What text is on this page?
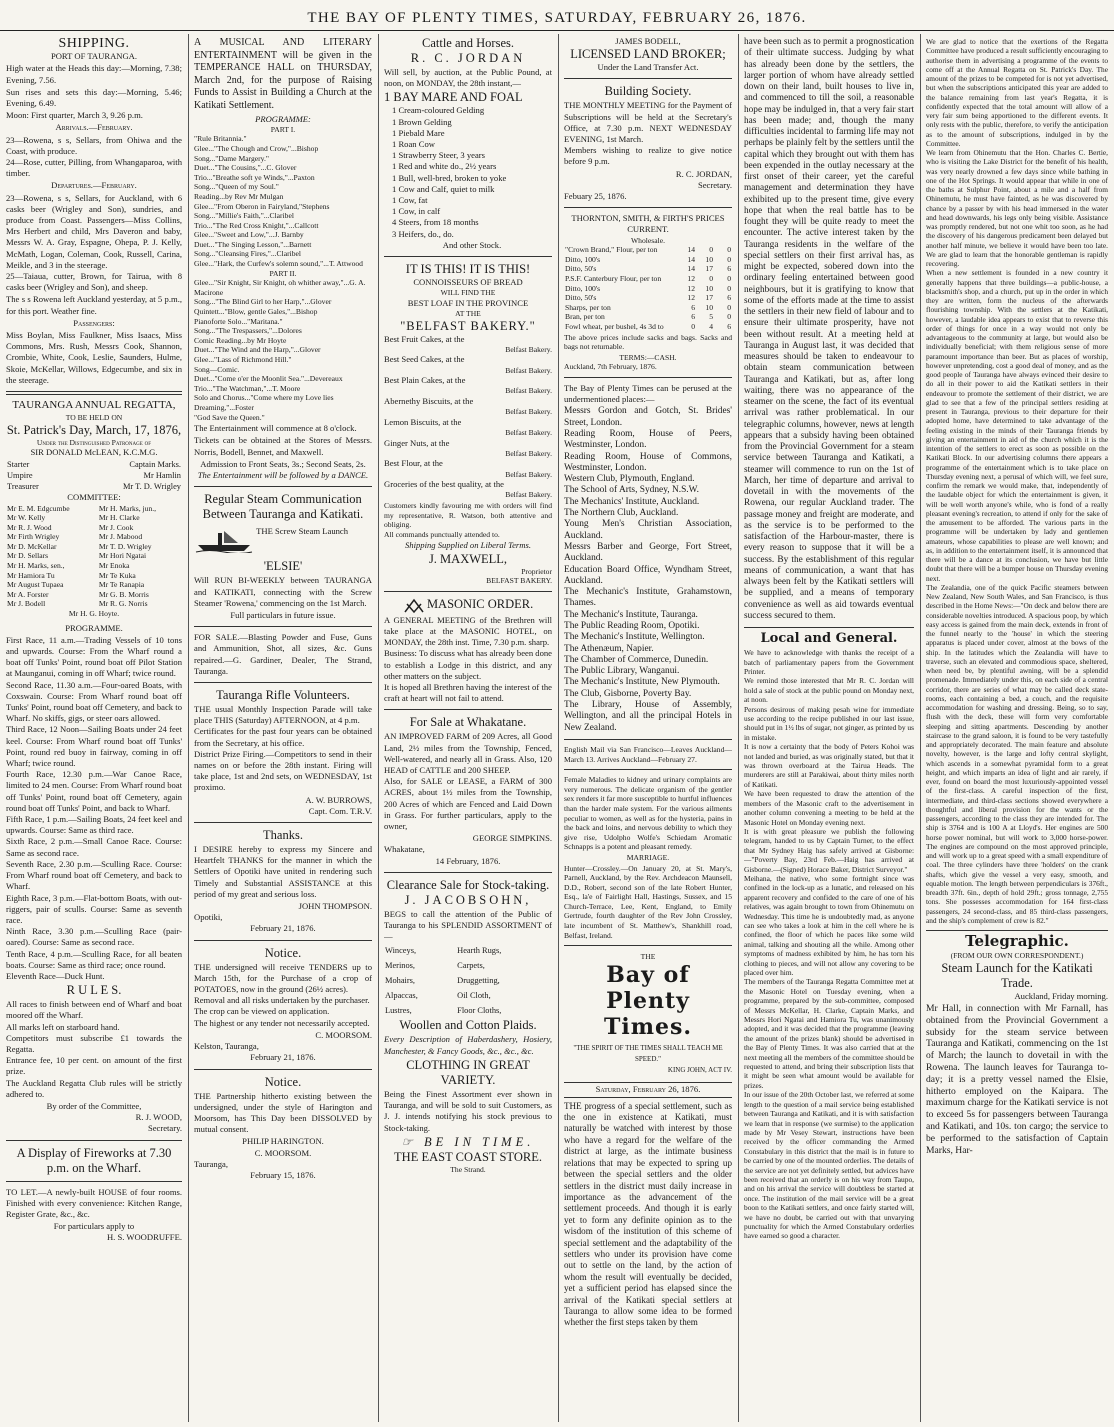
THE BAY OF PLENTY TIMES, SATURDAY, FEBRUARY 26, 1876.
SHIPPING.
PORT OF TAURANGA.

High water at the Heads this day:—Morning, 7.38; Evening, 7.56.

Sun rises and sets this day:—Morning, 5.46; Evening, 6.49.

Moon: First quarter, March 3, 9.26 p.m.

Arrivals.—February.

23—Rowena, s s, Sellars, from Ohiwa and the Coast, with produce.
24—Rose, cutter, Pilling, from Whangaparoa, with timber.

Departures.—February.

23—Rowena, s s, Sellars, for Auckland, with 6 casks beer (Wrigley and Son), sundries, and produce from Coast. Passengers—Miss Collins, Mrs Herbert and child, Mrs Daveron and baby, Messrs W. A. Gray, Espagne, Ohepa, P. J. Kelly, McMath, Logan, Coleman, Cook, Russell, Carina, Meikle, and 3 in the steerage.
25—Taiaua, cutter, Brown, for Tairua, with 8 casks beer (Wrigley and Son), and sheep.

The s s Rowena left Auckland yesterday, at 5 p.m., for this port. Weather fine.

Passengers:

Miss Boylan, Miss Faulkner, Miss Isaacs, Miss Commons, Mrs. Rush, Messrs Cook, Shannon, Crombie, White, Cook, Leslie, Saunders, Hulme, Skoie, McKellar, Willows, Edgecumbe, and six in the steerage.

TAURANGA ANNUAL REGATTA,
TO BE HELD ON
St. Patrick's Day, March, 17, 1876,
Under the Distinguished Patronage of
SIR DONALD McLEAN, K.C.M.G.
Starter	Captain Marks.
Umpire	Mr Hamlin
Treasurer	Mr T. D. Wrigley
COMMITTEE:
Mr E. M. Edgcumbe	Mr H. Marks, jun.,
Mr W. Kelly	Mr H. Clarke
Mr R. J. Wood	Mr J. Cook
Mr Firth Wrigley	Mr J. Mabood
Mr D. McKellar	Mr T. D. Wrigley
Mr D. Sellars	Mr Hori Ngatai
Mr H. Marks, sen.,	Mr Enoka
Mr Hamiora Tu	Mr Te Kuka
Mr August Tupaea	Mr Te Ranapia
Mr A. Forster	Mr G. B. Morris
Mr J. Bodell	Mr R. G. Norris
Mr H. G. Hoyte.
PROGRAMME.

First Race, 11 a.m.—Trading Vessels of 10 tons and upwards. Course: From the Wharf round a boat off Tunks' Point, round boat off Pilot Station at Maunganui, coming in off Wharf; twice round.
Second Race, 11.30 a.m.—Four-oared Boats, with Coxswain. Course: From Wharf round boat off Tunks' Point, round boat off Cemetery, and back to Wharf. No skiffs, gigs, or steer oars allowed.
Third Race, 12 Noon—Sailing Boats under 24 feet keel. Course: From Wharf round boat off Tunks' Point, round red buoy in fairway, coming in off Wharf; twice round.
Fourth Race, 12.30 p.m.—War Canoe Race, limited to 24 men. Course: From Wharf round boat off Tunks' Point, round boat off Cemetery, again round boat off Tunks' Point, and back to Wharf.
Fifth Race, 1 p.m.—Sailing Boats, 24 feet keel and upwards. Course: Same as third race.
Sixth Race, 2 p.m.—Small Canoe Race. Course: Same as second race.
Seventh Race, 2.30 p.m.—Sculling Race. Course: From Wharf round boat off Cemetery, and back to Wharf.
Eighth Race, 3 p.m.—Flat-bottom Boats, with out-riggers, pair of sculls. Course: Same as seventh race.
Ninth Race, 3.30 p.m.—Sculling Race (pair-oared). Course: Same as second race.
Tenth Race, 4 p.m.—Sculling Race, for all beaten boats. Course: Same as third race; once round.
Eleventh Race—Duck Hunt.

R U L E S.

All races to finish between end of Wharf and boat moored off the Wharf.
All marks left on starboard hand.
Competitors must subscribe £1 towards the Regatta.
Entrance fee, 10 per cent. on amount of the first prize.
The Auckland Regatta Club rules will be strictly adhered to.

By order of the Committee,
R. J. WOOD,
Secretary.
A Display of Fireworks at 7.30 p.m. on the Wharf.

TO LET.—A newly-built HOUSE of four rooms. Finished with every convenience: Kitchen Range, Register Grate, &c., &c.

For particulars apply to
H. S. WOODRUFFE.

A MUSICAL AND LITERARY ENTERTAINMENT will be given in the TEMPERANCE HALL on THURSDAY, March 2nd, for the purpose of Raising Funds to Assist in Building a Church at the Katikati Settlement.

PROGRAMME:
PART I.
"Rule Britannia."
Glee..."The Chough and Crow,"...Bishop
Song..."Dame Margery."
Duet..."The Cousins,"...C. Glover
Trio..."Breathe soft ye Winds,"...Paxton
Song..."Queen of my Soul."
Reading...by Rev Mr Mulgan
Glee..."From Oberon in Fairyland,"Stephens
Song..."Millie's Faith,"...Claribel
Trio..."The Red Cross Knight,"...Callcott
Glee..."Sweet and Low,"...J. Barnby
Duet..."The Singing Lesson,"...Barnett
Song..."Cleansing Fires,"...Claribel
Glee..."Hark, the Curfew's solemn sound,"...T. Attwood
PART II.
Glee..."Sir Knight, Sir Knight, oh whither away,"...G. A. Macirone
Song..."The Blind Girl to her Harp,"...Glover
Quintett..."Blow, gentle Gales,"...Bishop
Pianoforte Solo..."Maritana."
Song..."The Trespassers,"...Dolores
Comic Reading...by Mr Hoyte
Duet..."The Wind and the Harp,"...Glover
Glee..."Lass of Richmond Hill."
Song—Comic.
Duet..."Come o'er the Moonlit Sea."...Devereaux
Trio..."The Watchman,"...T. Moore
Solo and Chorus..."Come where my Love lies Dreaming,"...Foster
"God Save the Queen."

The Entertainment will commence at 8 o'clock.

Tickets can be obtained at the Stores of Messrs. Norris, Bodell, Bennet, and Maxwell.

Admission to Front Seats, 3s.; Second Seats, 2s.
The Entertainment will be followed by a DANCE.
Regular Steam Communication Between Tauranga and Katikati.
THE Screw Steam Launch
'ELSIE'

Will RUN BI-WEEKLY between TAURANGA and KATIKATI, connecting with the Screw Steamer 'Rowena,' commencing on the 1st March.

Full particulars in future issue.

FOR SALE.—Blasting Powder and Fuse, Guns and Ammunition, Shot, all sizes, &c. Guns repaired.—G. Gardiner, Dealer, The Strand, Tauranga.

Tauranga Rifle Volunteers.

THE usual Monthly Inspection Parade will take place THIS (Saturday) AFTERNOON, at 4 p.m.
Certificates for the past four years can be obtained from the Secretary, at his office.
District Prize Firing.—Competitors to send in their names on or before the 28th instant. Firing will take place, 1st and 2nd sets, on WEDNESDAY, 1st proximo.

A. W. BURROWS,
Capt. Com. T.R.V.
Thanks.

I DESIRE hereby to express my Sincere and Heartfelt THANKS for the manner in which the Settlers of Opotiki have united in rendering such Timely and Substantial ASSISTANCE at this period of my great and serious loss.

JOHN THOMPSON.
Opotiki,
February 21, 1876.
Notice.

THE undersigned will receive TENDERS up to March 15th, for the Purchase of a crop of POTATOES, now in the ground (26½ acres).
Removal and all risks undertaken by the purchaser.
The crop can be viewed on application.
The highest or any tender not necessarily accepted.

C. MOORSOM.
Kelston, Tauranga,
February 21, 1876.
Notice.

THE Partnership hitherto existing between the undersigned, under the style of Harington and Moorsom, has This Day been DISSOLVED by mutual consent.

PHILIP HARINGTON.
C. MOORSOM.
Tauranga,
February 15, 1876.
Cattle and Horses.
R. C. JORDAN

Will sell, by auction, at the Public Pound, at noon, on MONDAY, the 28th instant,—

1 BAY MARE AND FOAL
1 Cream-coloured Gelding
1 Brown Gelding
1 Piebald Mare
1 Roan Cow
1 Strawberry Steer, 3 years
1 Red and white do., 2½ years
1 Bull, well-bred, broken to yoke
1 Cow and Calf, quiet to milk
1 Cow, fat
1 Cow, in calf
4 Steers, from 18 months
3 Heifers, do., do.
And other Stock.
IT IS THIS! IT IS THIS!
CONNOISSEURS OF BREAD
WILL FIND THE
BEST LOAF IN THE PROVINCE
AT THE
"BELFAST BAKERY."
Best Fruit Cakes, at the
Belfast Bakery.
Best Seed Cakes, at the
Belfast Bakery.
Best Plain Cakes, at the
Belfast Bakery.
Abernethy Biscuits, at the
Belfast Bakery.
Lemon Biscuits, at the
Belfast Bakery.
Ginger Nuts, at the
Belfast Bakery.
Best Flour, at the
Belfast Bakery.
Groceries of the best quality, at the
Belfast Bakery.

Customers kindly favouring me with orders will find my representative, R. Watson, both attentive and obliging.
All commands punctually attended to.

Shipping Supplied on Liberal Terms.
J. MAXWELL,
Proprietor
BELFAST BAKERY.
MASONIC ORDER.

A GENERAL MEETING of the Brethren will take place at the MASONIC HOTEL, on MONDAY, the 28th inst. Time, 7.30 p.m. sharp.
Business: To discuss what has already been done to establish a Lodge in this district, and any other matters on the subject.
It is hoped all Brethren having the interest of the craft at heart will not fail to attend.

For Sale at Whakatane.

AN IMPROVED FARM of 209 Acres, all Good Land, 2½ miles from the Township, Fenced, Well-watered, and nearly all in Grass. Also, 120 HEAD of CATTLE and 200 SHEEP.
Also, for SALE or LEASE, a FARM of 300 ACRES, about 1½ miles from the Township, 200 Acres of which are Fenced and Laid Down in Grass. For further particulars, apply to the owner,

GEORGE SIMPKINS.
Whakatane,
14 February, 1876.
Clearance Sale for Stock-taking.
J. JACOBSOHN,

BEGS to call the attention of the Public of Tauranga to his SPLENDID ASSORTMENT of—

Winceys,	Hearth Rugs,
Merinos,	Carpets,
Mohairs,	Druggetting,
Alpaccas,	Oil Cloth,
Lustres,	Floor Cloths,
Woollen and Cotton Plaids.

Every Description of Haberdashery, Hosiery, Manchester, & Fancy Goods, &c., &c., &c.

CLOTHING IN GREAT VARIETY.

Being the Finest Assortment ever shown in Tauranga, and will be sold to suit Customers, as J. J. intends notifying his stock previous to Stock-taking.

☞ BE IN TIME.
THE EAST COAST STORE.
The Strand.
JAMES BODELL,
LICENSED LAND BROKER;
Under the Land Transfer Act.
Building Society.

THE MONTHLY MEETING for the Payment of Subscriptions will be held at the Secretary's Office, at 7.30 p.m. NEXT WEDNESDAY EVENING, 1st March.
Members wishing to realize to give notice before 9 p.m.

R. C. JORDAN,
Secretary.
Febuary 25, 1876.
THORNTON, SMITH, & FIRTH'S PRICES CURRENT.
Wholesale.
"Crown Brand," Flour, per ton	14	0	0
Ditto, 100's	14	10	0
Ditto, 50's	14	17	6
P.S.F. Canterbury Flour, per ton	12	0	0
Ditto, 100's	12	10	0
Ditto, 50's	12	17	6
Sharps, per ton	6	10	0
Bran, per ton	6	5	0
Fowl wheat, per bushel, 4s 3d to	0	4	6

The above prices include sacks and bags. Sacks and bags not returnable.

TERMS:—CASH.
Auckland, 7th February, 1876.

The Bay of Plenty Times can be perused at the undermentioned places:—

Messrs Gordon and Gotch, St. Brides' Street, London.
Reading Room, House of Peers, Westminster, London.
Reading Room, House of Commons, Westminster, London.
Western Club, Plymouth, England.
The School of Arts, Sydney, N.S.W.
The Mechanics' Institute, Auckland.
The Northern Club, Auckland.
Young Men's Christian Association, Auckland.
Messrs Barber and George, Fort Street, Auckland.
Education Board Office, Wyndham Street, Auckland.
The Mechanic's Institute, Grahamstown, Thames.
The Mechanic's Institute, Tauranga.
The Public Reading Room, Opotiki.
The Mechanic's Institute, Wellington.
The Athenæum, Napier.
The Chamber of Commerce, Dunedin.
The Public Library, Wanganui.
The Mechanic's Institute, New Plymouth.
The Club, Gisborne, Poverty Bay.
The Library, House of Assembly, Wellington, and all the principal Hotels in New Zealand.

English Mail via San Francisco—Leaves Auckland—March 13. Arrives Auckland—February 27.

Female Maladies to kidney and urinary complaints are very numerous. The delicate organism of the gentler sex renders it far more susceptible to hurtful influences than the harder male system. For the various ailments peculiar to women, as well as for the hysteria, pains in the back and loins, and nervous debility to which they give rise, Udolpho Wolfe's Schiedam Aromatic Schnapps is a potent and pleasant remedy.

MARRIAGE.

Hunter—Crossley.—On January 20, at St. Mary's, Parnell, Auckland, by the Rev. Archdeacon Maunsell, D.D., Robert, second son of the late Robert Hunter, Esq., la'e of Fairlight Hall, Hastings, Sussex, and 15 Church-Terrace, Lee, Kent, England, to Emily Gertrude, fourth daughter of the Rev John Crossley, late incumbent of St. Matthew's, Shankhill road, Belfast, Ireland.

THE
Bay of Plenty Times.
"THE SPIRIT OF THE TIMES SHALL TEACH ME SPEED."
KING JOHN, ACT IV.
Saturday, February 26, 1876.

THE progress of a special settlement, such as the one in existence at Katikati, must naturally be watched with interest by those who have a regard for the welfare of the district at large, as the intimate business relations that may be expected to spring up between the special settlers and the older settlers in the district must daily increase in importance as the advancement of the settlement proceeds. And though it is early yet to form any definite opinion as to the wisdom of the institution of this scheme of special settlement and the adaptability of the settlers who under its provision have come out to settle on the land, by the action of whom the result will eventually be decided, yet a sufficient period has elapsed since the arrival of the Katikati special settlers at Tauranga to allow some idea to be formed whether the first steps taken by them

have been such as to permit a prognostication of their ultimate success. Judging by what has already been done by the settlers, the larger portion of whom have already settled down on their land, built houses to live in, and commenced to till the soil, a reasonable hope may be indulged in, that a very fair start has been made; and, though the many difficulties incidental to farming life may not perhaps be plainly felt by the settlers until the capital which they brought out with them has been expended in the outlay necessary at the first onset of their career, yet the careful management and determination they have exhibited up to the present time, give every hope that when the real battle has to be fought they will be quite ready to meet the encounter. The active interest taken by the Tauranga residents in the welfare of the special settlers on their first arrival has, as might be expected, sobered down into the ordinary feeling entertained between good neighbours, but it is gratifying to know that some of the efforts made at the time to assist the settlers in their new field of labour and to ensure their ultimate prosperity, have not been without result. At a meeting held at Tauranga in August last, it was decided that measures should be taken to endeavour to obtain steam communication between Tauranga and Katikati, but as, after long waiting, there was no appearance of the steamer on the scene, the fact of its eventual arrival was rather problematical. In our telegraphic columns, however, news at length appears that a subsidy having been obtained from the Provincial Government for a steam service between Tauranga and Katikati, a steamer will commence to run on the 1st of March, her time of departure and arrival to dovetail in with the movements of the Rowena, our regular Auckland trader. The passage money and freight are moderate, and as the service is to be performed to the satisfaction of the Harbour-master, there is every reason to suppose that it will be a success. By the establishment of this regular means of communication, a want that has always been felt by the Katikati settlers will be supplied, and a means of temporary convenience as well as aid towards eventual success secured to them.

Local and General.

We have to acknowledge with thanks the receipt of a batch of parliamentary papers from the Government Printer.
We remind those interested that Mr R. C. Jordan will hold a sale of stock at the public pound on Monday next, at noon.
Persons desirous of making pesah wine for immediate use according to the recipe published in our last issue, should put in 1½ lbs of sugar, not ginger, as printed by us in mistake.
It is now a certainty that the body of Peters Kohoi was not landed and buried, as was originally stated, but that it was thrown overboard at the Tairua Heads. The murderers are still at Parakiwai, about thirty miles north of Katikati.
We have been requested to draw the attention of the members of the Masonic craft to the advertisement in another column convening a meeting to be held at the Masonic Hotel on Monday evening next.
It is with great pleasure we publish the following telegram, handed to us by Captain Turner, to the effect that Mr Sydney Haig has safely arrived at Gisborne:—"Poverty Bay, 23rd Feb.—Haig has arrived at Gisborne.—(Signed) Horace Baker, District Surveyor."
Meihana, the native, who some fortnight since was confined in the lock-up as a lunatic, and released on his apparent recovery and confided to the care of one of his relatives, was again brought to town from Ohinemutu on Wednesday. This time he is undoubtedly mad, as anyone can see who takes a look at him in the cell where he is confined, the floor of which he paces like some wild animal, talking and shouting all the while. Among other symptoms of madness exhibited by him, he has torn his clothing to pieces, and will not allow any covering to be placed over him.
The members of the Tauranga Regatta Committee met at the Masonic Hotel on Tuesday evening, when a programme, prepared by the sub-committee, composed of Messrs McKellar, H. Clarke, Captain Marks, and Messrs Hori Ngatai and Hamiora Tu, was unanimously adopted, and it was decided that the programme (leaving the amount of the prizes blank) should be advertised in the Bay of Plenty Times. It was also carried that at the next meeting all the members of the committee should be requested to attend, and bring their subscription lists that it might be seen what amount would be available for prizes.
In our issue of the 20th October last, we referred at some length to the question of a mail service being established between Tauranga and Katikati, and it is with satisfaction we learn that in response (we surmise) to the application made by Mr Vesey Stewart, instructions have been received by the officer commanding the Armed Constabulary in this district that the mail is in future to be carried by one of the mounted orderlies. The details of the service are not yet definitely settled, but advices have been received that an orderly is on his way from Taupo, and on his arrival the service will doubtless be started at once. The institution of the mail service will be a great boon to the Katikati settlers, and once fairly started will, we have no doubt, be carried out with that unvarying punctuality for which the Armed Constabulary orderlies have earned so good a character.

We are glad to notice that the exertions of the Regatta Committee have produced a result sufficiently encouraging to authorise them in advertising a programme of the events to come off at the Annual Regatta on St. Patrick's Day. The amount of the prizes to be competed for is not yet advertised, but when the subscriptions anticipated this year are added to the balance remaining from last year's Regatta, it is confidently expected that the total amount will allow of a very fair sum being apportioned to the different events. It only rests with the public, therefore, to verify the anticipation as to the amount of subscriptions, indulged in by the Committee.
We learn from Ohinemutu that the Hon. Charles C. Bertie, who is visiting the Lake District for the benefit of his health, was very nearly drowned a few days since while bathing in one of the Hot Springs. It would appear that while in one of the baths at Sulphur Point, about a mile and a half from Ohinemutu, he must have fainted, as he was discovered by chance by a passer by with his head immersed in the water and head downwards, his legs only being visible. Assistance was promptly rendered, but not one whit too soon, as he had the discovery of his dangerous predicament been delayed but another half minute, we believe it would have been too late. We are glad to learn that the honorable gentleman is rapidly recovering.
When a new settlement is founded in a new country it generally happens that three buildings—a public-house, a blacksmith's shop, and a church, put up in the order in which they are written, form the nucleus of the afterwards flourishing township. With the settlers at the Katikati, however, a laudable idea appears to exist that to reverse this order of things for once in a way would not only be advantageous to the community at large, but would also be individually beneficial; with them religious sense of more paramount importance than beer. But as places of worship, however unpretending, cost a good deal of money, and as the good people of Tauranga have always evinced their desire to do all in their power to aid the Katikati settlers in their endeavour to promote the settlement of their district, we are glad to see that a few of the principal settlers residing at present in Tauranga, previous to their departure for their adopted home, have determined to take advantage of the feeling existing in the minds of their Tauranga friends by giving an entertainment in aid of the church which it is the intention of the settlers to erect as soon as possible on the Katikati Block. In our advertising columns there appears a programme of the entertainment which is to take place on Thursday evening next, a perusal of which will, we feel sure, confirm the remark we would make, that, independently of the laudable object for which the entertainment is given, it will be well worth anyone's while, who is fond of a really pleasant evening's recreation, to attend if only for the sake of the amusement to be afforded. The various parts in the programme will be undertaken by lady and gentlemen amateurs, whose capabilities to please are well known; and as, in addition to the entertainment itself, it is announced that there will be a dance at its conclusion, we have but little doubt that there will be a bumper house on Thursday evening next.
The Zealandia, one of the quick Pacific steamers between New Zealand, New South Wales, and San Francisco, is thus described in the Home News:—"On deck and below there are considerable novelties introduced. A spacious poop, by which easy access is gained from the main deck, extends in front of the funnel nearly to the 'house' in which the steering apparatus is placed under cover, almost at the bows of the ship. In the latitudes which the Zealandia will have to traverse, such an elevated and commodious space, sheltered, when need be, by plentiful awning, will be a splendid promenade. Immediately under this, on each side of a central corridor, there are series of what may be called deck state-rooms, each containing a bed, a couch, and the requisite accommodation for washing and dressing. Being, so to say, flush with the deck, these will form very comfortable sleeping and sitting apartments. Descending by another staircase to the grand saloon, it is found to be very tastefully and appropriately decorated. The main feature and absolute novelty, however, is the large and lofty central skylight, which ascends in a somewhat pyramidal form to a great height, and which imparts an idea of light and air rarely, if ever, found on board the most luxuriously-appointed vessel of the first-class. A careful inspection of the first, intermediate, and third-class sections showed everywhere a thoughtful and liberal provision for the wants or the passengers, according to the class they are intended for. The ship is 3764 and is 100 A at Lloyd's. Her engines are 500 horse power nominal, but will work to 3,000 horse-power. The engines are compound on the most approved principle, and will work up to a great speed with a small expenditure of coal. The three cylinders have three 'holders' on the crank shafts, which give the vessel a very easy, smooth, and equable motion. The length between perpendiculars is 376ft., breadth 37ft. 6in., depth of hold 29ft.; gross tonnage, 2,755 tons. She possesses accommodation for 164 first-class passengers, 24 second-class, and 85 third-class passengers, and the ship's complement of crew is 82."

Telegraphic.
(FROM OUR OWN CORRESPONDENT.)
Steam Launch for the Katikati Trade.
Auckland, Friday morning.

Mr Hall, in connection with Mr Farnall, has obtained from the Provincial Government a subsidy for the steam service between Tauranga and Katikati, commencing on the 1st of March; the launch to dovetail in with the Rowena. The launch leaves for Tauranga to-day; it is a pretty vessel named the Elsie, hitherto employed on the Kaipara. The maximum charge for the Katikati service is not to exceed 5s for passengers between Tauranga and Katikati, and 10s. ton cargo; the service to be performed to the satisfaction of Captain Marks, Har-
